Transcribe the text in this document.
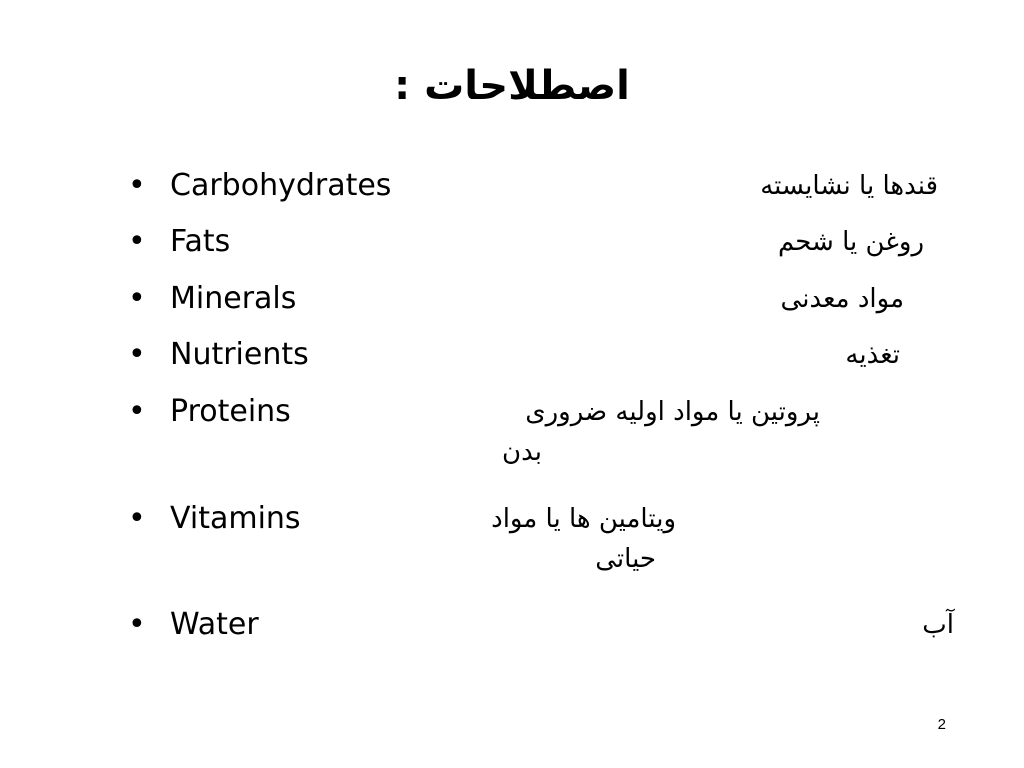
اصطلاحات :
• Carbohydrates	قندها یا نشایسته
• Fats	روغن یا شحم
• Minerals	مواد معدنی
• Nutrients	تغذیه
• Proteins	پروتین یا مواد اولیه ضروری
بدن
• Vitamins	ویتامین ها یا مواد
حیاتی
• Water	آب
2
